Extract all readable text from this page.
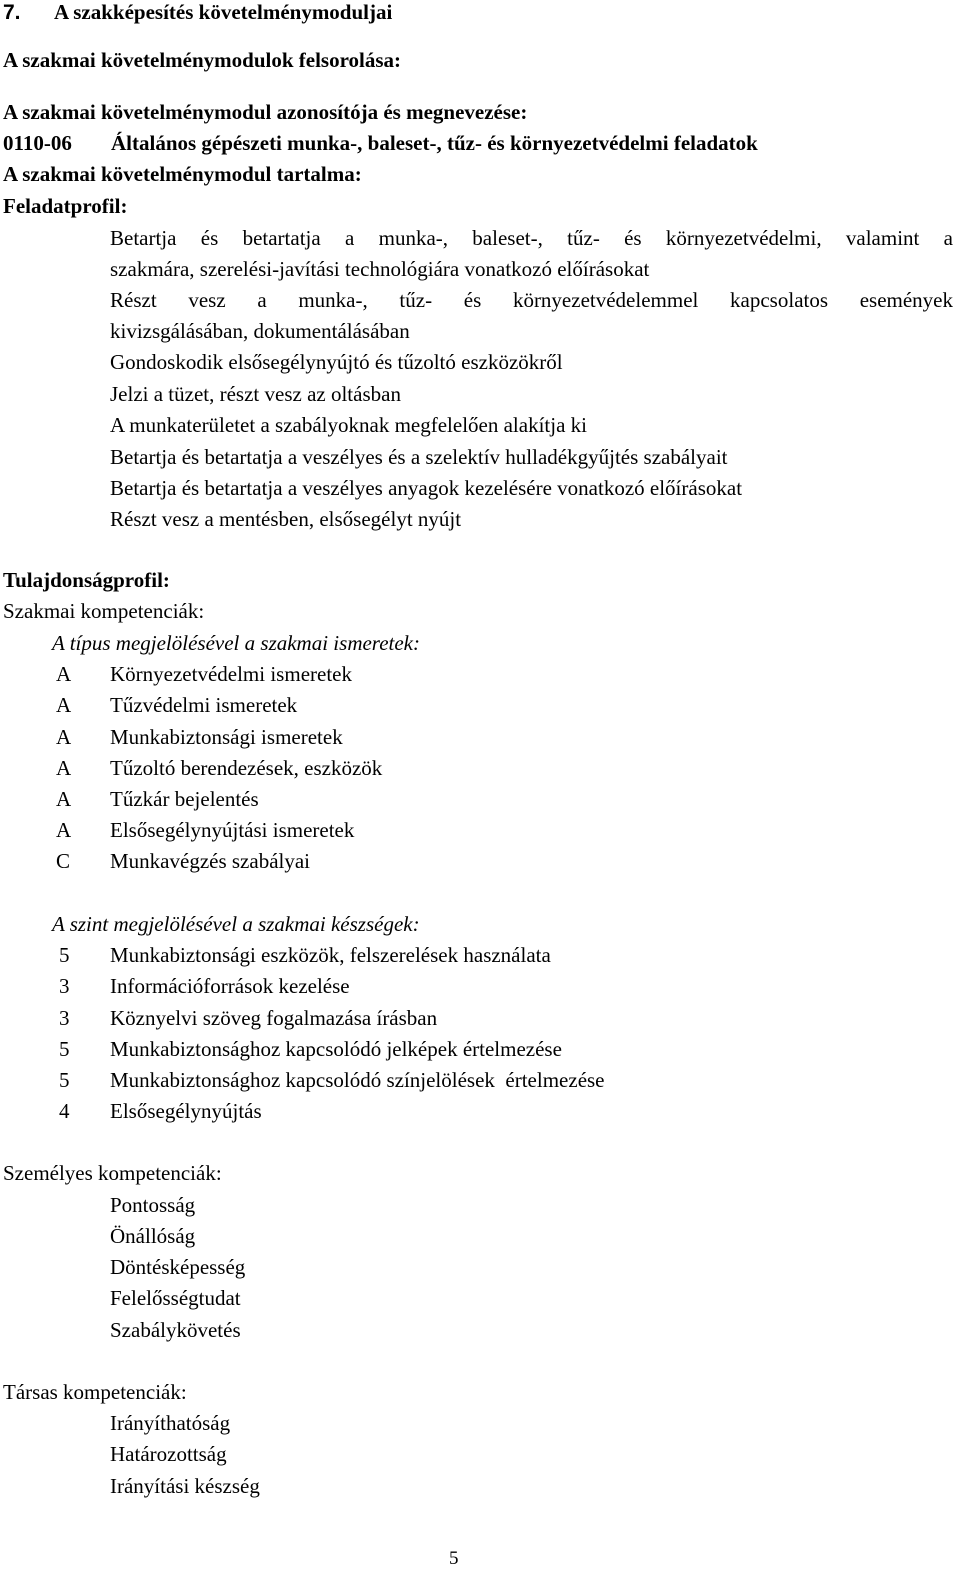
7. A szakképesítés követelménymoduljai
A szakmai követelménymodulok felsorolása:
A szakmai követelménymodul azonosítója és megnevezése:
0110-06 Általános gépészeti munka-, baleset-, tűz- és környezetvédelmi feladatok
A szakmai követelménymodul tartalma:
Feladatprofil:
Betartja és betartatja a munka-, baleset-, tűz- és környezetvédelmi, valamint a
szakmára, szerelési-javítási technológiára vonatkozó előírásokat
Részt vesz a munka-, tűz- és környezetvédelemmel kapcsolatos események
kivizsgálásában, dokumentálásában
Gondoskodik elsősegélynyújtó és tűzoltó eszközökről
Jelzi a tüzet, részt vesz az oltásban
A munkaterületet a szabályoknak megfelelően alakítja ki
Betartja és betartatja a veszélyes és a szelektív hulladékgyűjtés szabályait
Betartja és betartatja a veszélyes anyagok kezelésére vonatkozó előírásokat
Részt vesz a mentésben, elsősegélyt nyújt
Tulajdonságprofil:
Szakmai kompetenciák:
A típus megjelölésével a szakmai ismeretek:
A Környezetvédelmi ismeretek
A Tűzvédelmi ismeretek
A Munkabiztonsági ismeretek
A Tűzoltó berendezések, eszközök
A Tűzkár bejelentés
A Elsősegélynyújtási ismeretek
C Munkavégzés szabályai
A szint megjelölésével a szakmai készségek:
5 Munkabiztonsági eszközök, felszerelések használata
3 Információforrások kezelése
3 Köznyelvi szöveg fogalmazása írásban
5 Munkabiztonsághoz kapcsolódó jelképek értelmezése
5 Munkabiztonsághoz kapcsolódó színjelölések  értelmezése
4 Elsősegélynyújtás
Személyes kompetenciák:
Pontosság
Önállóság
Döntésképesség
Felelősségtudat
Szabálykövetés
Társas kompetenciák:
Irányíthatóság
Határozottság
Irányítási készség
5
